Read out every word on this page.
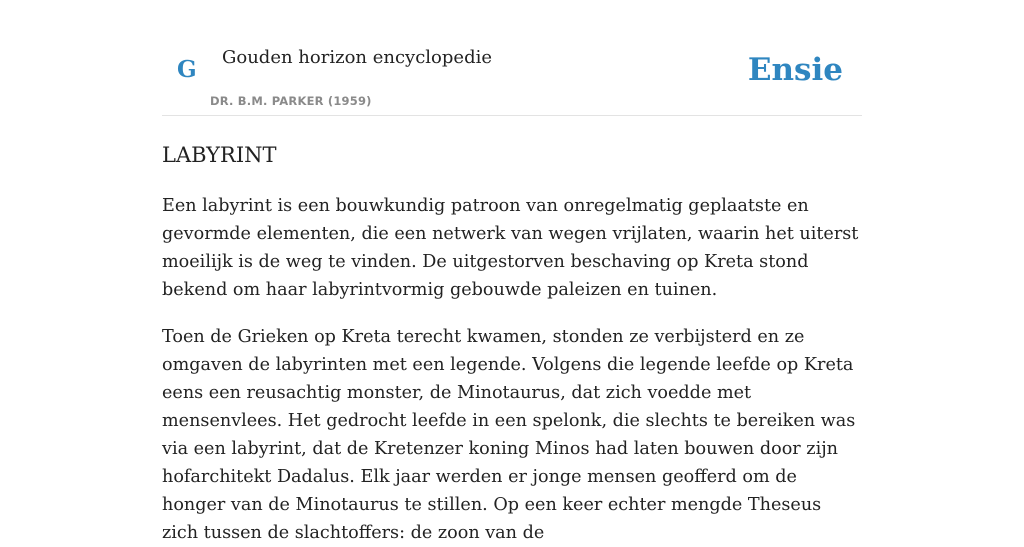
G Gouden horizon encyclopedie
DR. B.M. PARKER (1959)
Ensie
LABYRINT

Een labyrint is een bouwkundig patroon van onregelmatig geplaatste en gevormde elementen, die een netwerk van wegen vrijlaten, waarin het uiterst moeilijk is de weg te vinden. De uitgestorven beschaving op Kreta stond bekend om haar labyrintvormig gebouwde paleizen en tuinen.

Toen de Grieken op Kreta terecht kwamen, stonden ze verbijsterd en ze omgaven de labyrinten met een legende. Volgens die legende leefde op Kreta eens een reusachtig monster, de Minotaurus, dat zich voedde met mensenvlees. Het gedrocht leefde in een spelonk, die slechts te bereiken was via een labyrint, dat de Kretenzer koning Minos had laten bouwen door zijn hofarchitekt Dadalus. Elk jaar werden er jonge mensen geofferd om de honger van de Minotaurus te stillen. Op een keer echter mengde Theseus zich tussen de slachtoffers: de zoon van de
